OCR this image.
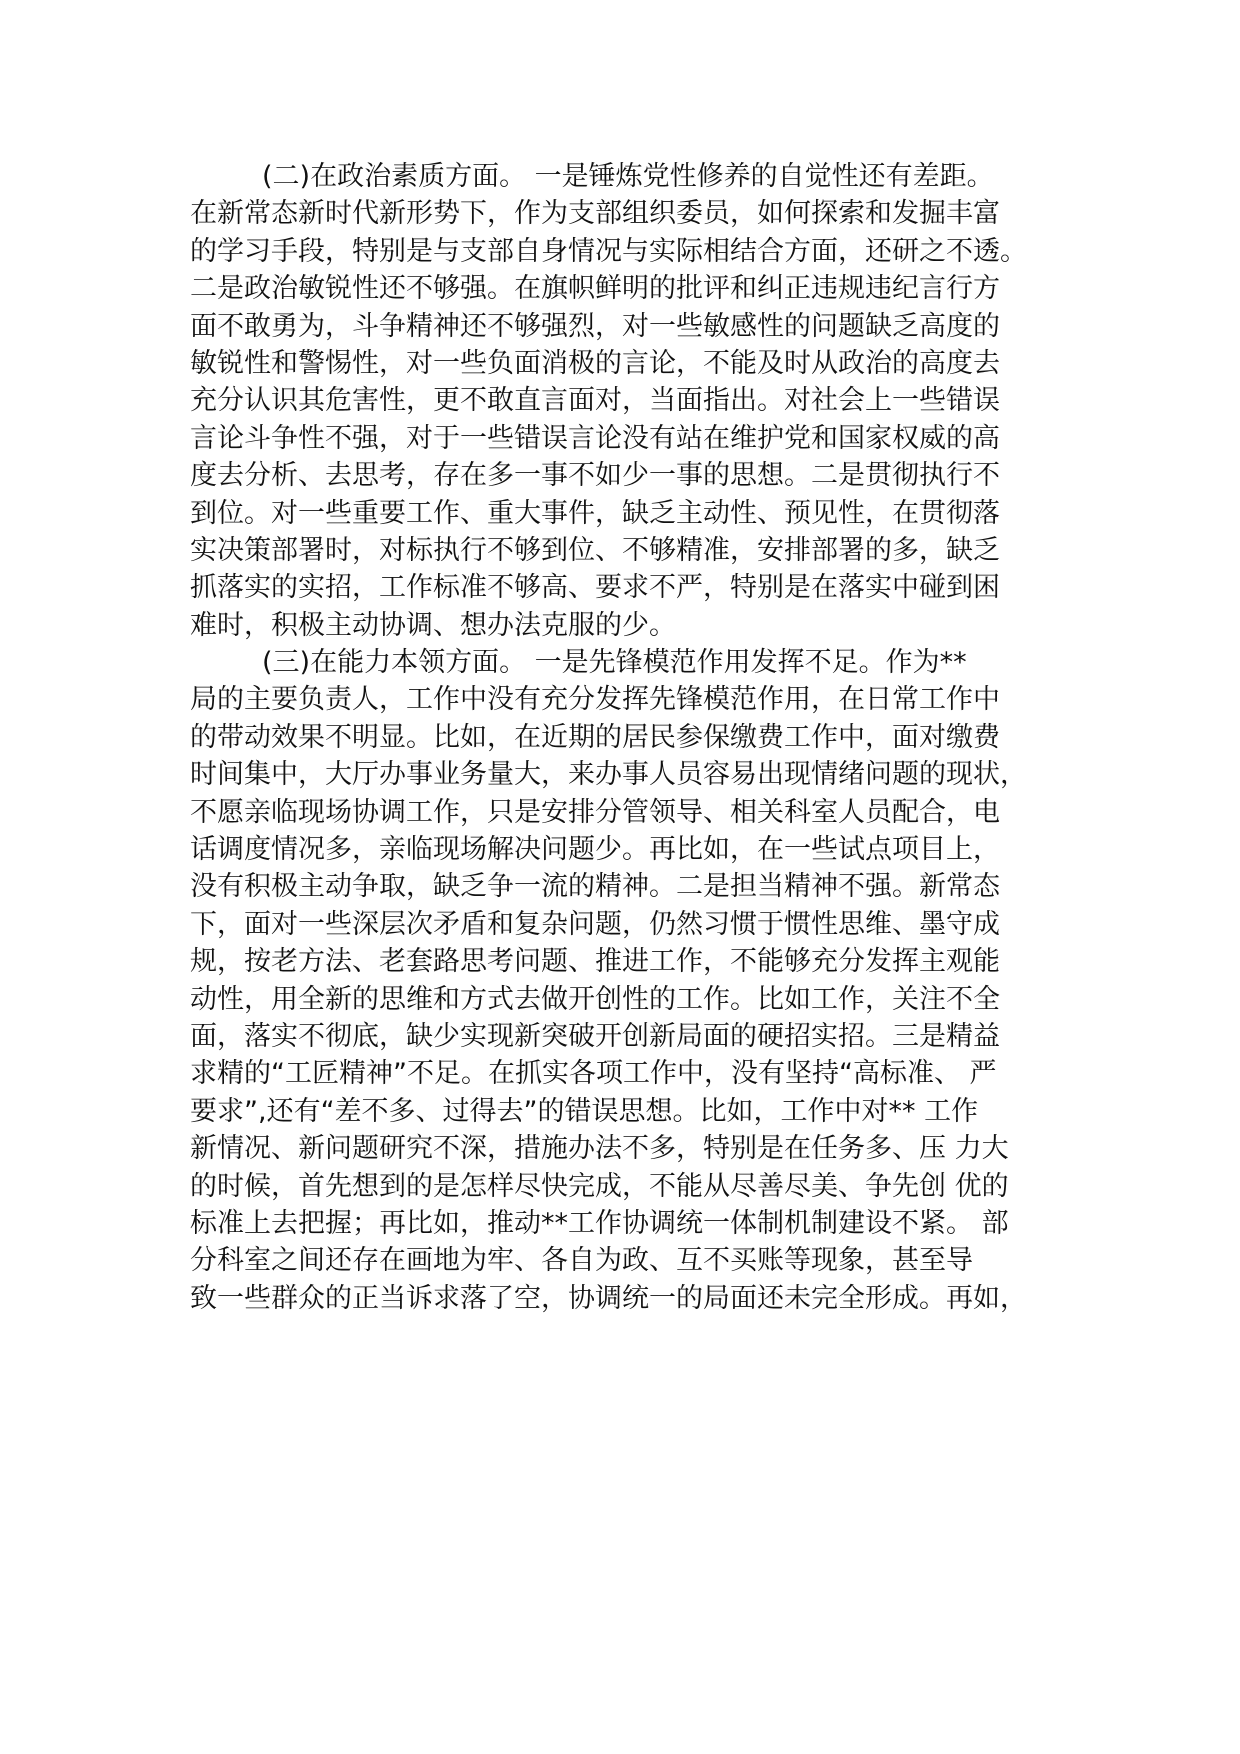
(二)在政治素质方面。 一是锤炼党性修养的自觉性还有差距。
在新常态新时代新形势下，作为支部组织委员，如何探索和发掘丰富
的学习手段，特别是与支部自身情况与实际相结合方面，还研之不透。
二是政治敏锐性还不够强。在旗帜鲜明的批评和纠正违规违纪言行方
面不敢勇为，斗争精神还不够强烈，对一些敏感性的问题缺乏高度的
敏锐性和警惕性，对一些负面消极的言论，不能及时从政治的高度去
充分认识其危害性，更不敢直言面对，当面指出。对社会上一些错误
言论斗争性不强，对于一些错误言论没有站在维护党和国家权威的高
度去分析、去思考，存在多一事不如少一事的思想。二是贯彻执行不
到位。对一些重要工作、重大事件，缺乏主动性、预见性，在贯彻落
实决策部署时，对标执行不够到位、不够精准，安排部署的多，缺乏
抓落实的实招，工作标准不够高、要求不严，特别是在落实中碰到困
难时，积极主动协调、想办法克服的少。
(三)在能力本领方面。 一是先锋模范作用发挥不足。作为**
局的主要负责人，工作中没有充分发挥先锋模范作用，在日常工作中
的带动效果不明显。比如，在近期的居民参保缴费工作中，面对缴费
时间集中，大厅办事业务量大，来办事人员容易出现情绪问题的现状，
不愿亲临现场协调工作，只是安排分管领导、相关科室人员配合，电
话调度情况多，亲临现场解决问题少。再比如，在一些试点项目上，
没有积极主动争取，缺乏争一流的精神。二是担当精神不强。新常态
下，面对一些深层次矛盾和复杂问题，仍然习惯于惯性思维、墨守成
规，按老方法、老套路思考问题、推进工作，不能够充分发挥主观能
动性，用全新的思维和方式去做开创性的工作。比如工作，关注不全
面，落实不彻底，缺少实现新突破开创新局面的硬招实招。三是精益
求精的“工匠精神”不足。在抓实各项工作中，没有坚持“高标准、 严
要求”,还有“差不多、过得去”的错误思想。比如，工作中对** 工作
新情况、新问题研究不深，措施办法不多，特别是在任务多、压 力大
的时候，首先想到的是怎样尽快完成，不能从尽善尽美、争先创 优的
标准上去把握；再比如，推动**工作协调统一体制机制建设不紧。 部
分科室之间还存在画地为牢、各自为政、互不买账等现象，甚至导
致一些群众的正当诉求落了空，协调统一的局面还未完全形成。再如，
